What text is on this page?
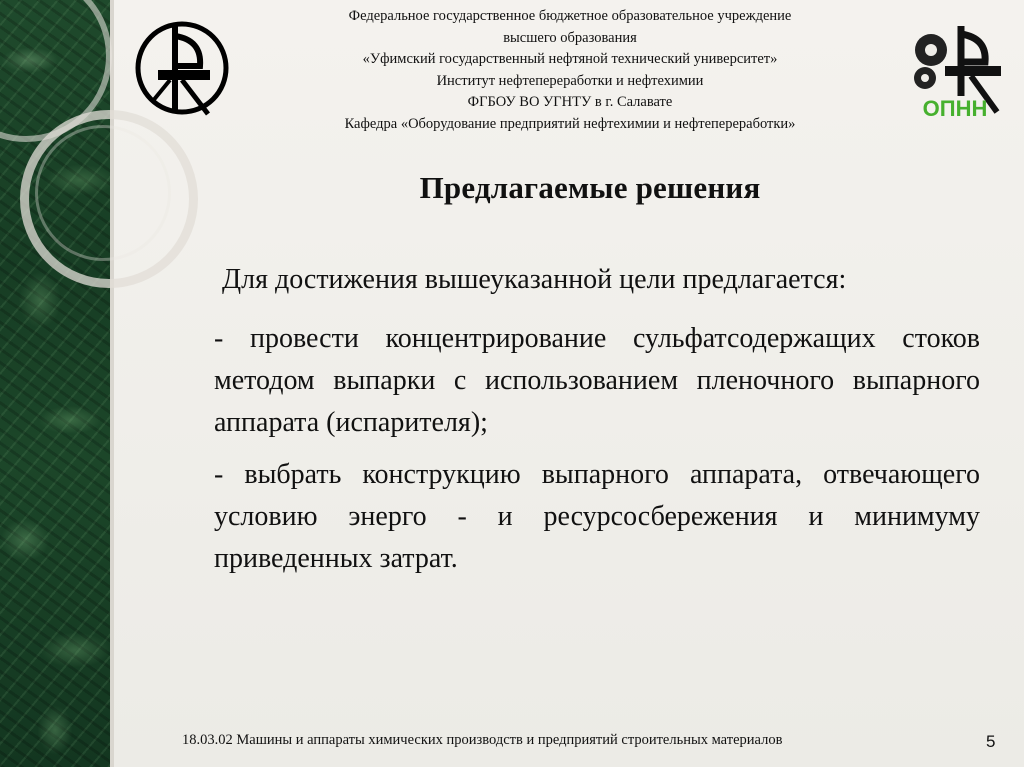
ОПНН
Федеральное государственное бюджетное образовательное учреждение
высшего образования
«Уфимский государственный нефтяной технический университет»
Институт нефтепереработки и нефтехимии
ФГБОУ ВО УГНТУ в г. Салавате
Кафедра «Оборудование предприятий нефтехимии и нефтепереработки»
Предлагаемые решения
Для достижения вышеуказанной цели предлагается:

- провести концентрирование сульфатсодержащих стоков методом выпарки с использованием пленочного выпарного аппарата (испарителя);

- выбрать конструкцию выпарного аппарата, отвечающего условию энерго - и ресурсосбережения и минимуму приведенных затрат.

18.03.02 Машины и аппараты химических производств и предприятий строительных материалов	5
